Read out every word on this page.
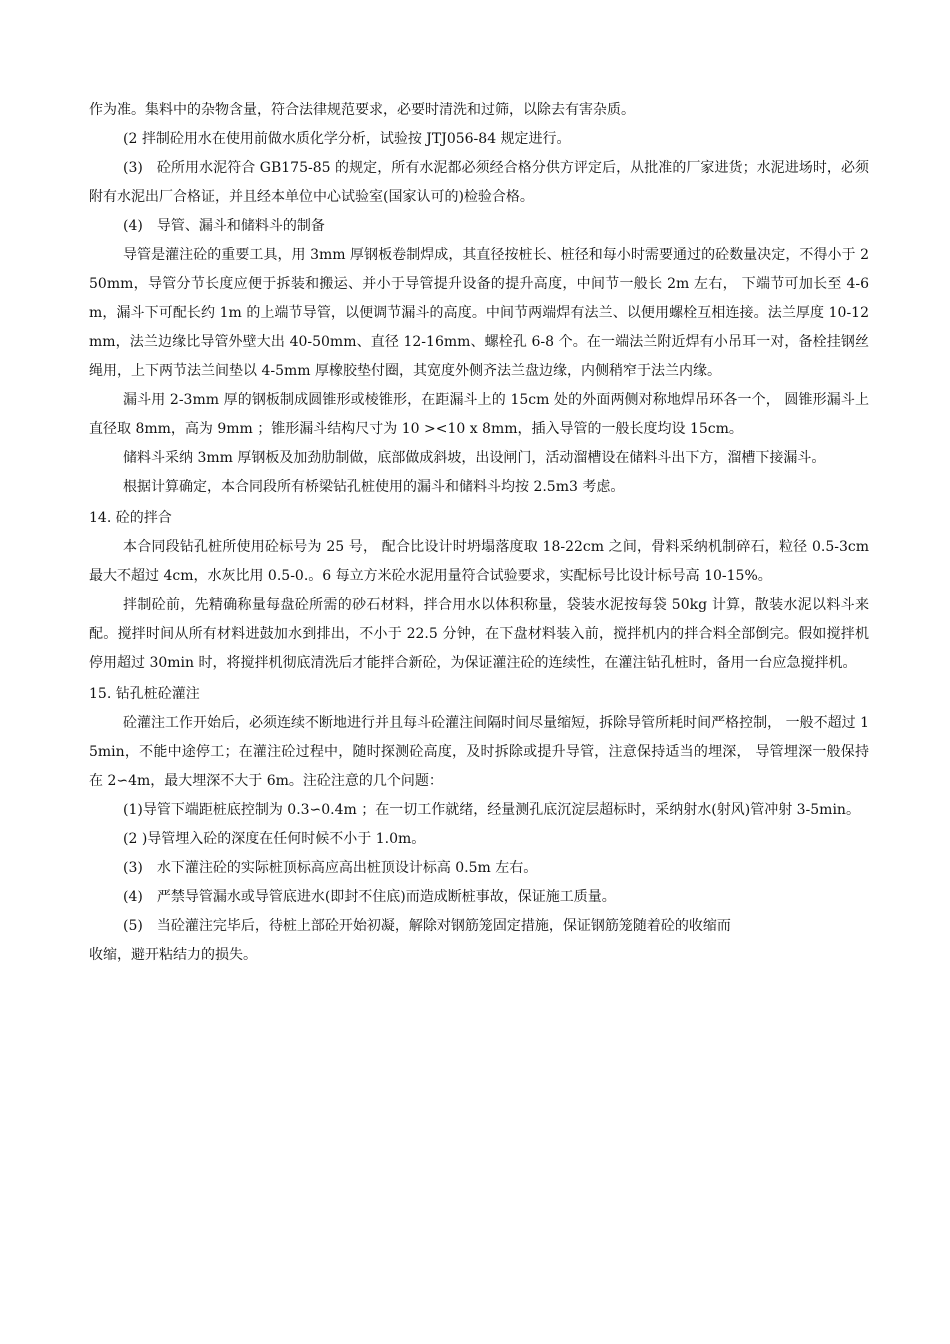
作为准。集料中的杂物含量，符合法律规范要求，必要时清洗和过筛，以除去有害杂质。

(2 拌制砼用水在使用前做水质化学分析，试验按 JTJ056-84 规定进行。

(3)　砼所用水泥符合 GB175-85 的规定，所有水泥都必须经合格分供方评定后，从批准的厂家进货；水泥进场时，必须附有水泥出厂合格证，并且经本单位中心试验室(国家认可的)检验合格。

(4)　导管、漏斗和储料斗的制备

导管是灌注砼的重要工具，用 3mm 厚钢板卷制焊成，其直径按桩长、桩径和每小时需要通过的砼数量决定，不得小于 250mm，导管分节长度应便于拆装和搬运、并小于导管提升设备的提升高度，中间节一般长 2m 左右， 下端节可加长至 4-6m，漏斗下可配长约 1m 的上端节导管，以便调节漏斗的高度。中间节两端焊有法兰、以便用螺栓互相连接。法兰厚度 10-12mm，法兰边缘比导管外壁大出 40-50mm、直径 12-16mm、螺栓孔 6-8 个。在一端法兰附近焊有小吊耳一对，备栓挂钢丝绳用，上下两节法兰间垫以 4-5mm 厚橡胶垫付圈，其宽度外侧齐法兰盘边缘，内侧稍窄于法兰内缘。

漏斗用 2-3mm 厚的钢板制成圆锥形或棱锥形，在距漏斗上的 15cm 处的外面两侧对称地焊吊环各一个， 圆锥形漏斗上直径取 8mm，高为 9mm ；锥形漏斗结构尺寸为 10 ><10 x 8mm，插入导管的一般长度均设 15cm。

储料斗采纳 3mm 厚钢板及加劲肋制做，底部做成斜坡，出设闸门，活动溜槽设在储料斗出下方，溜槽下接漏斗。

根据计算确定，本合同段所有桥梁钻孔桩使用的漏斗和储料斗均按 2.5m3 考虑。

14. 砼的拌合

本合同段钻孔桩所使用砼标号为 25 号， 配合比设计时坍塌落度取 18-22cm 之间，骨料采纳机制碎石，粒径 0.5-3cm 最大不超过 4cm，水灰比用 0.5-0.。6 每立方米砼水泥用量符合试验要求，实配标号比设计标号高 10-15%。

拌制砼前，先精确称量每盘砼所需的砂石材料，拌合用水以体积称量，袋装水泥按每袋 50kg 计算，散装水泥以料斗来配。搅拌时间从所有材料进鼓加水到排出，不小于 22.5 分钟，在下盘材料装入前，搅拌机内的拌合料全部倒完。假如搅拌机停用超过 30min 时，将搅拌机彻底清洗后才能拌合新砼，为保证灌注砼的连续性，在灌注钻孔桩时，备用一台应急搅拌机。

15. 钻孔桩砼灌注

砼灌注工作开始后，必须连续不断地进行并且每斗砼灌注间隔时间尽量缩短，拆除导管所耗时间严格控制， 一般不超过 15min，不能中途停工；在灌注砼过程中，随时探测砼高度，及时拆除或提升导管，注意保持适当的埋深， 导管埋深一般保持在 2∽4m，最大埋深不大于 6m。注砼注意的几个问题：

(1)导管下端距桩底控制为 0.3∽0.4m ；在一切工作就绪，经量测孔底沉淀层超标时，采纳射水(射风)管冲射 3-5min。

(2 )导管埋入砼的深度在任何时候不小于 1.0m。

(3)　水下灌注砼的实际桩顶标高应高出桩顶设计标高 0.5m 左右。

(4)　严禁导管漏水或导管底进水(即封不住底)而造成断桩事故，保证施工质量。

(5)　当砼灌注完毕后，待桩上部砼开始初凝，解除对钢筋笼固定措施，保证钢筋笼随着砼的收缩而

收缩，避开粘结力的损失。
